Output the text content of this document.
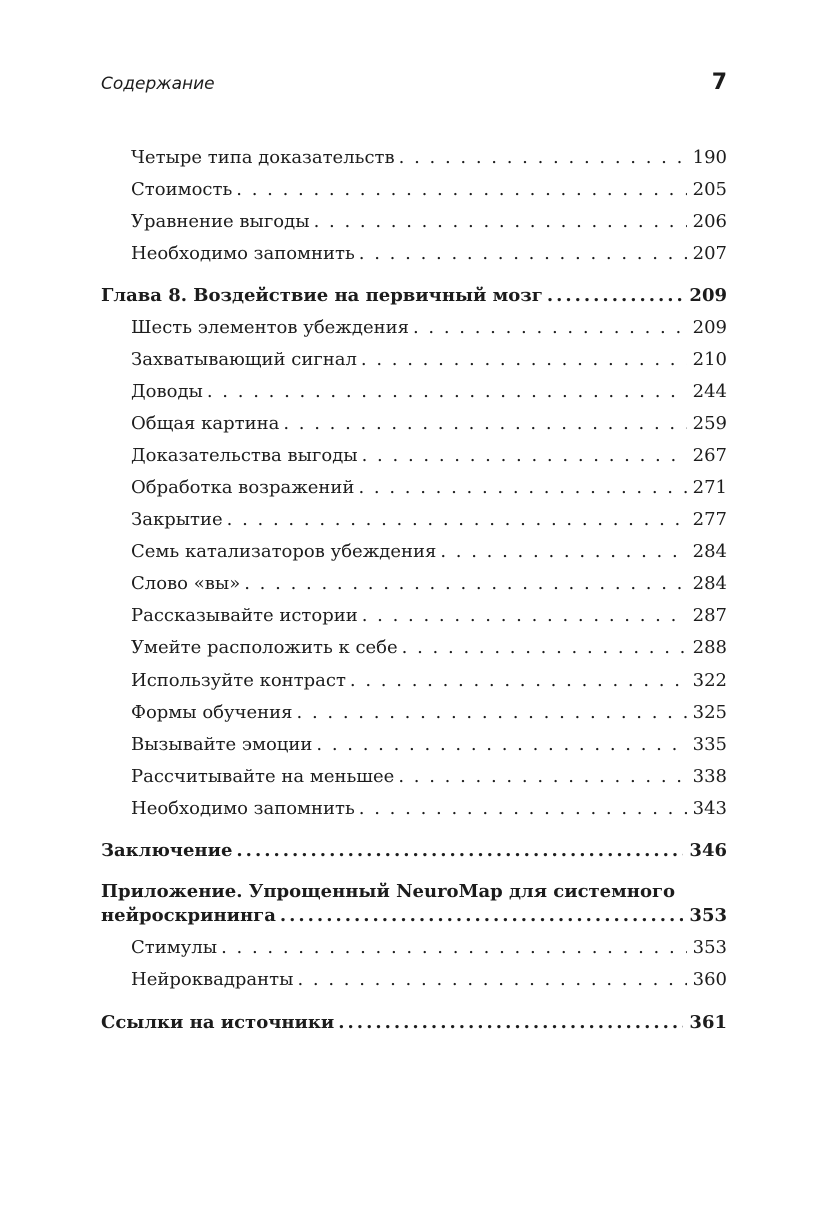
Содержание	7
Четыре типа доказательств . . .	190
Стоимость . . .	205
Уравнение выгоды . . .	206
Необходимо запомнить . . .	207
Глава 8. Воздействие на первичный мозг .....	209
Шесть элементов убеждения . . .	209
Захватывающий сигнал . . .	210
Доводы . . .	244
Общая картина . . .	259
Доказательства выгоды . . .	267
Обработка возражений . . .	271
Закрытие . . .	277
Семь катализаторов убеждения . . .	284
Слово «вы» . . .	284
Рассказывайте истории . . .	287
Умейте расположить к себе . . .	288
Используйте контраст . . .	322
Формы обучения . . .	325
Вызывайте эмоции . . .	335
Рассчитывайте на меньшее . . .	338
Необходимо запомнить . . .	343
Заключение .....	346
Приложение. Упрощенный NeuroMap для системного
нейроскрининга .....	353
Стимулы . . .	353
Нейроквадранты . . .	360
Ссылки на источники .....	361
